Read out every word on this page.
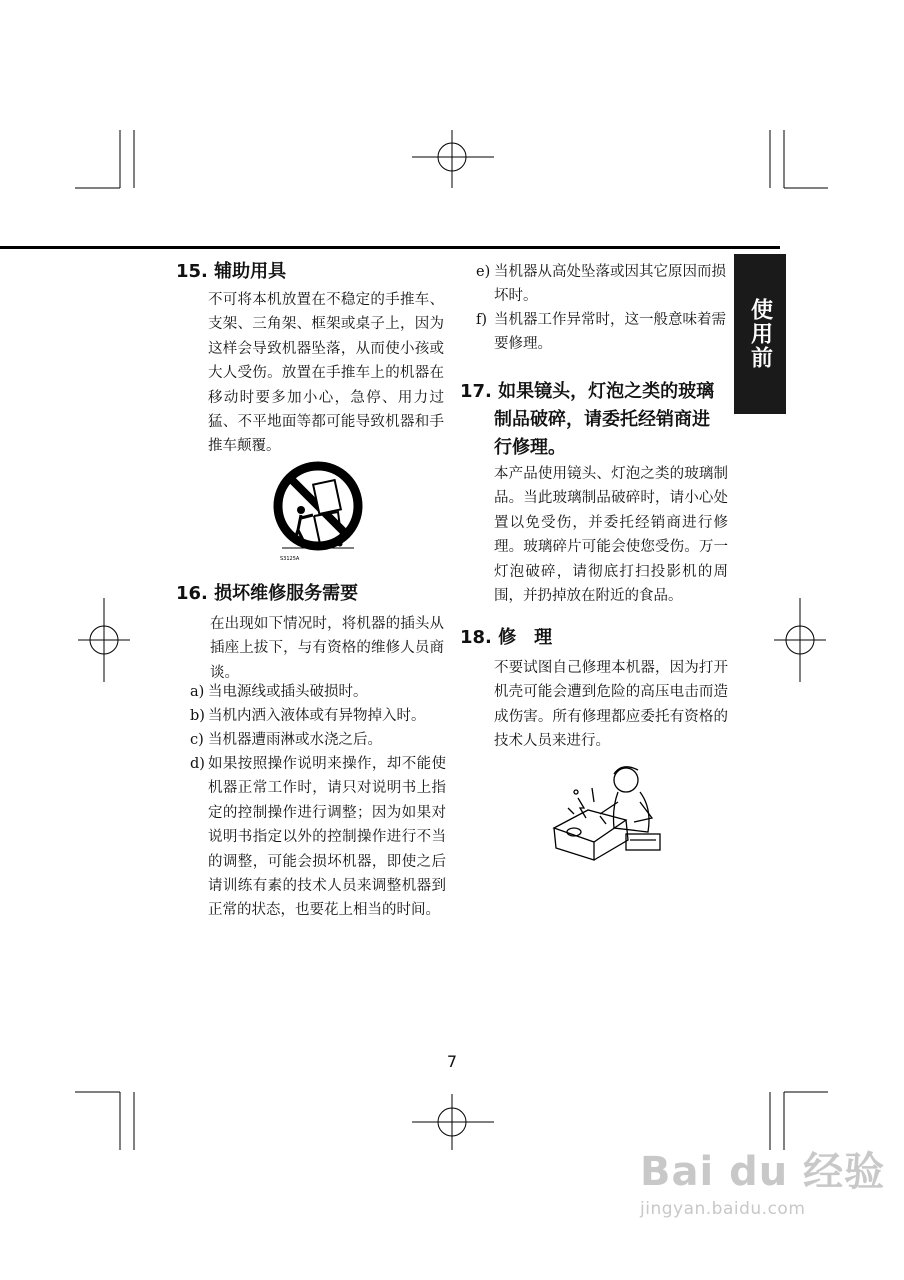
使用前
15. 辅助用具
不可将本机放置在不稳定的手推车、支架、三角架、框架或桌子上，因为这样会导致机器坠落，从而使小孩或大人受伤。放置在手推车上的机器在移动时要多加小心，急停、用力过猛、不平地面等都可能导致机器和手推车颠覆。
S3125A
16. 损坏维修服务需要
在出现如下情况时，将机器的插头从插座上拔下，与有资格的维修人员商谈。
a) 当电源线或插头破损时。
b) 当机内洒入液体或有异物掉入时。
c) 当机器遭雨淋或水浇之后。
d) 如果按照操作说明来操作，却不能使机器正常工作时，请只对说明书上指定的控制操作进行调整；因为如果对说明书指定以外的控制操作进行不当的调整，可能会损坏机器，即使之后请训练有素的技术人员来调整机器到正常的状态，也要花上相当的时间。
e) 当机器从高处坠落或因其它原因而损坏时。
f) 当机器工作异常时，这一般意味着需要修理。
17. 如果镜头，灯泡之类的玻璃
制品破碎，请委托经销商进
行修理。
本产品使用镜头、灯泡之类的玻璃制品。当此玻璃制品破碎时，请小心处置以免受伤，并委托经销商进行修理。玻璃碎片可能会使您受伤。万一灯泡破碎，请彻底打扫投影机的周围，并扔掉放在附近的食品。
18. 修　理
不要试图自己修理本机器，因为打开机壳可能会遭到危险的高压电击而造成伤害。所有修理都应委托有资格的技术人员来进行。
7
Bai du 经验
jingyan.baidu.com
